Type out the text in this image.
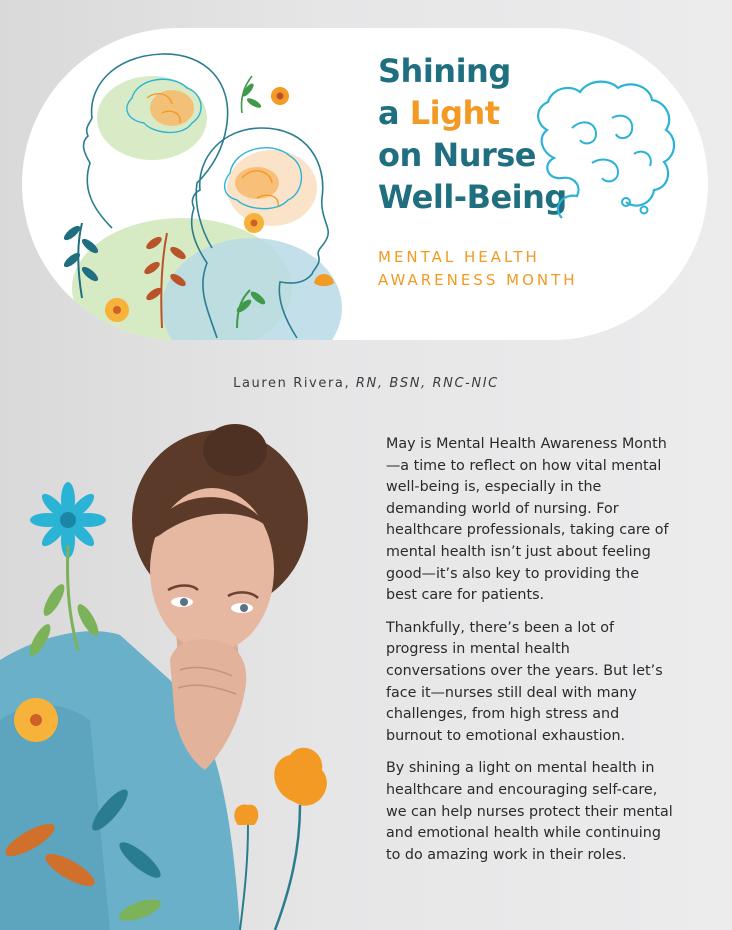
Shining
a Light
on Nurse
Well-Being

MENTAL HEALTH
AWARENESS MONTH

Lauren Rivera, RN, BSN, RNC-NIC

May is Mental Health Awareness Month—a time to reflect on how vital mental well-being is, especially in the demanding world of nursing. For healthcare professionals, taking care of mental health isn’t just about feeling good—it’s also key to providing the best care for patients.

Thankfully, there’s been a lot of progress in mental health conversations over the years. But let’s face it—nurses still deal with many challenges, from high stress and burnout to emotional exhaustion.

By shining a light on mental health in healthcare and encouraging self-care, we can help nurses protect their mental and emotional health while continuing to do amazing work in their roles.
